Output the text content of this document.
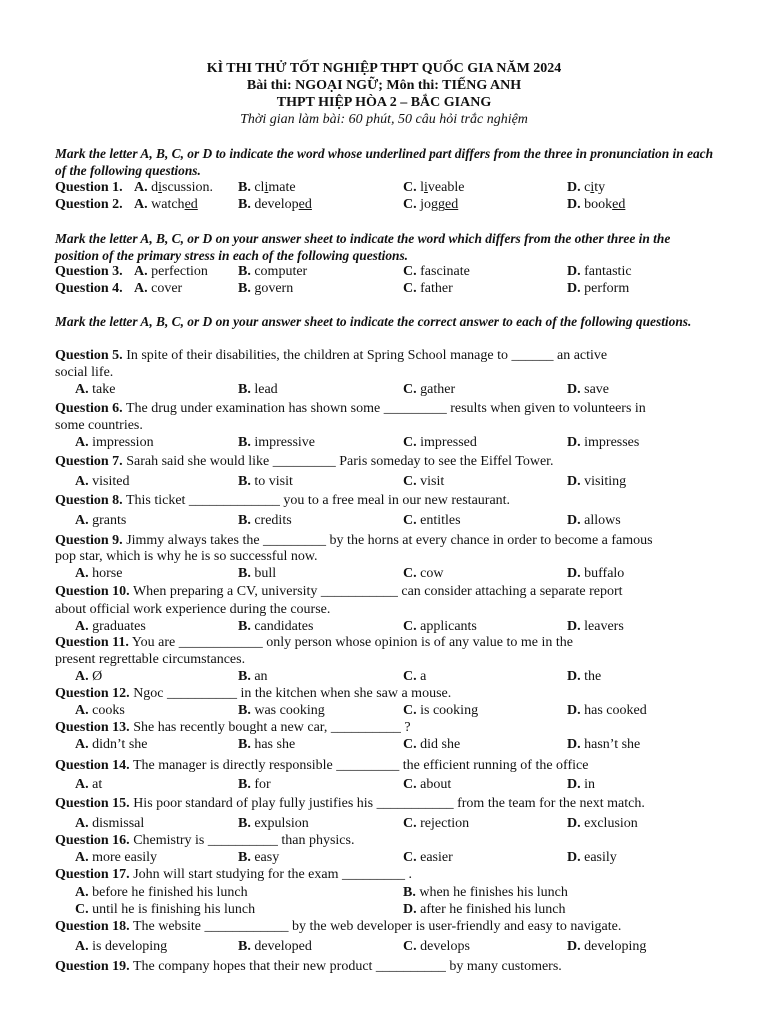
KÌ THI THỬ TỐT NGHIỆP THPT QUỐC GIA NĂM 2024
Bài thi: NGOẠI NGỮ; Môn thi: TIẾNG ANH
THPT HIỆP HÒA 2 – BẮC GIANG
Thời gian làm bài: 60 phút, 50 câu hỏi trắc nghiệm
Mark the letter A, B, C, or D to indicate the word whose underlined part differs from the three in pronunciation in each of the following questions.
Question 1. A. discussion. B. climate	C. liveable	D. city
Question 2. A. watched	B. developed	C. jogged	D. booked
Mark the letter A, B, C, or D on your answer sheet to indicate the word which differs from the other three in the position of the primary stress in each of the following questions.
Question 3. A. perfection B. computer	C. fascinate	D. fantastic
Question 4. A. cover	B. govern	C. father	D. perform
Mark the letter A, B, C, or D on your answer sheet to indicate the correct answer to each of the following questions.
Question 5. In spite of their disabilities, the children at Spring School manage to ______ an active
social life.
A. take	B. lead	C. gather	D. save
Question 6. The drug under examination has shown some _________ results when given to volunteers in
some countries.
A. impression	B. impressive	C. impressed	D. impresses
Question 7. Sarah said she would like _________ Paris someday to see the Eiffel Tower.
A. visited	B. to visit	C. visit	D. visiting
Question 8. This ticket _____________ you to a free meal in our new restaurant.
A. grants	B. credits	C. entitles	D. allows
Question 9. Jimmy always takes the _________ by the horns at every chance in order to become a famous
pop star, which is why he is so successful now.
A. horse	B. bull	C. cow	D. buffalo
Question 10. When preparing a CV, university ___________ can consider attaching a separate report
about official work experience during the course.
A. graduates	B. candidates	C. applicants	D. leavers
Question 11. You are ____________ only person whose opinion is of any value to me in the
present regrettable circumstances.
A. Ø	B. an	C. a	D. the
Question 12. Ngoc __________ in the kitchen when she saw a mouse.
A. cooks	B. was cooking	C. is cooking	D. has cooked
Question 13. She has recently bought a new car, __________ ?
A. didn’t she	B. has she	C. did she	D. hasn’t she
Question 14. The manager is directly responsible _________ the efficient running of the office
A. at	B. for	C. about	D. in
Question 15. His poor standard of play fully justifies his ___________ from the team for the next match.
A. dismissal	B. expulsion	C. rejection	D. exclusion
Question 16. Chemistry is __________ than physics.
A. more easily	B. easy	C. easier	D. easily
Question 17. John will start studying for the exam _________ .
A. before he finished his lunch	B. when he finishes his lunch
C. until he is finishing his lunch	D. after he finished his lunch
Question 18. The website ____________ by the web developer is user-friendly and easy to navigate.
A. is developing	B. developed	C. develops	D. developing
Question 19. The company hopes that their new product __________ by many customers.
